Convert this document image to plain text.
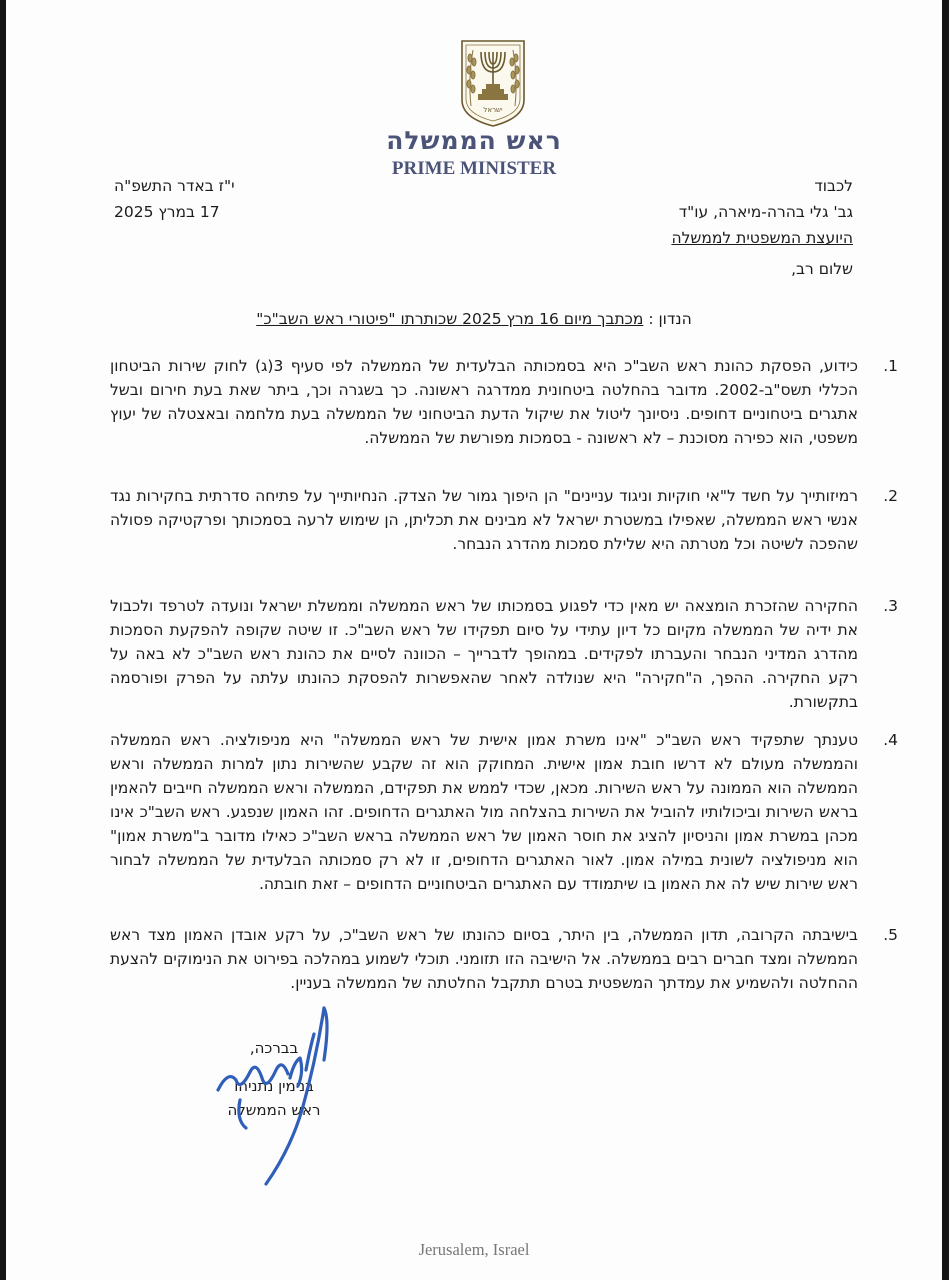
ישראל
ראש הממשלה
PRIME MINISTER
לכבוד
גב' גלי בהרה-מיארה, עו"ד
היועצת המשפטית לממשלה
י"ז באדר התשפ"ה
17 במרץ 2025
שלום רב,
הנדון : מכתבך מיום 16 מרץ 2025 שכותרתו "פיטורי ראש השב"כ"
1.
כידוע, הפסקת כהונת ראש השב"כ היא בסמכותה הבלעדית של הממשלה לפי סעיף 3(ג) לחוק שירות הביטחון הכללי תשס"ב-2002. מדובר בהחלטה ביטחונית ממדרגה ראשונה. כך בשגרה וכך, ביתר שאת בעת חירום ובשל אתגרים ביטחוניים דחופים. ניסיונך ליטול את שיקול הדעת הביטחוני של הממשלה בעת מלחמה ובאצטלה של יעוץ משפטי, הוא כפירה מסוכנת – לא ראשונה - בסמכות מפורשת של הממשלה.
2.
רמיזותייך על חשד ל"אי חוקיות וניגוד עניינים" הן היפוך גמור של הצדק. הנחיותייך על פתיחה סדרתית בחקירות נגד אנשי ראש הממשלה, שאפילו במשטרת ישראל לא מבינים את תכליתן, הן שימוש לרעה בסמכותך ופרקטיקה פסולה שהפכה לשיטה וכל מטרתה היא שלילת סמכות מהדרג הנבחר.
3.
החקירה שהזכרת הומצאה יש מאין כדי לפגוע בסמכותו של ראש הממשלה וממשלת ישראל ונועדה לטרפד ולכבול את ידיה של הממשלה מקיום כל דיון עתידי על סיום תפקידו של ראש השב"כ. זו שיטה שקופה להפקעת הסמכות מהדרג המדיני הנבחר והעברתו לפקידים. במהופך לדברייך – הכוונה לסיים את כהונת ראש השב"כ לא באה על רקע החקירה. ההפך, ה"חקירה" היא שנולדה לאחר שהאפשרות להפסקת כהונתו עלתה על הפרק ופורסמה בתקשורת.
4.
טענתך שתפקיד ראש השב"כ "אינו משרת אמון אישית של ראש הממשלה" היא מניפולציה. ראש הממשלה והממשלה מעולם לא דרשו חובת אמון אישית. המחוקק הוא זה שקבע שהשירות נתון למרות הממשלה וראש הממשלה הוא הממונה על ראש השירות. מכאן, שכדי לממש את תפקידם, הממשלה וראש הממשלה חייבים להאמין בראש השירות וביכולותיו להוביל את השירות בהצלחה מול האתגרים הדחופים. זהו האמון שנפגע. ראש השב"כ אינו מכהן במשרת אמון והניסיון להציג את חוסר האמון של ראש הממשלה בראש השב"כ כאילו מדובר ב"משרת אמון" הוא מניפולציה לשונית במילה אמון. לאור האתגרים הדחופים, זו לא רק סמכותה הבלעדית של הממשלה לבחור ראש שירות שיש לה את האמון בו שיתמודד עם האתגרים הביטחוניים הדחופים – זאת חובתה.
5.
בישיבתה הקרובה, תדון הממשלה, בין היתר, בסיום כהונתו של ראש השב"כ, על רקע אובדן האמון מצד ראש הממשלה ומצד חברים רבים בממשלה. אל הישיבה הזו תזומני. תוכלי לשמוע במהלכה בפירוט את הנימוקים להצעת ההחלטה ולהשמיע את עמדתך המשפטית בטרם תתקבל החלטתה של הממשלה בעניין.
בברכה,
בנימין נתניהו
ראש הממשלה
Jerusalem, Israel
